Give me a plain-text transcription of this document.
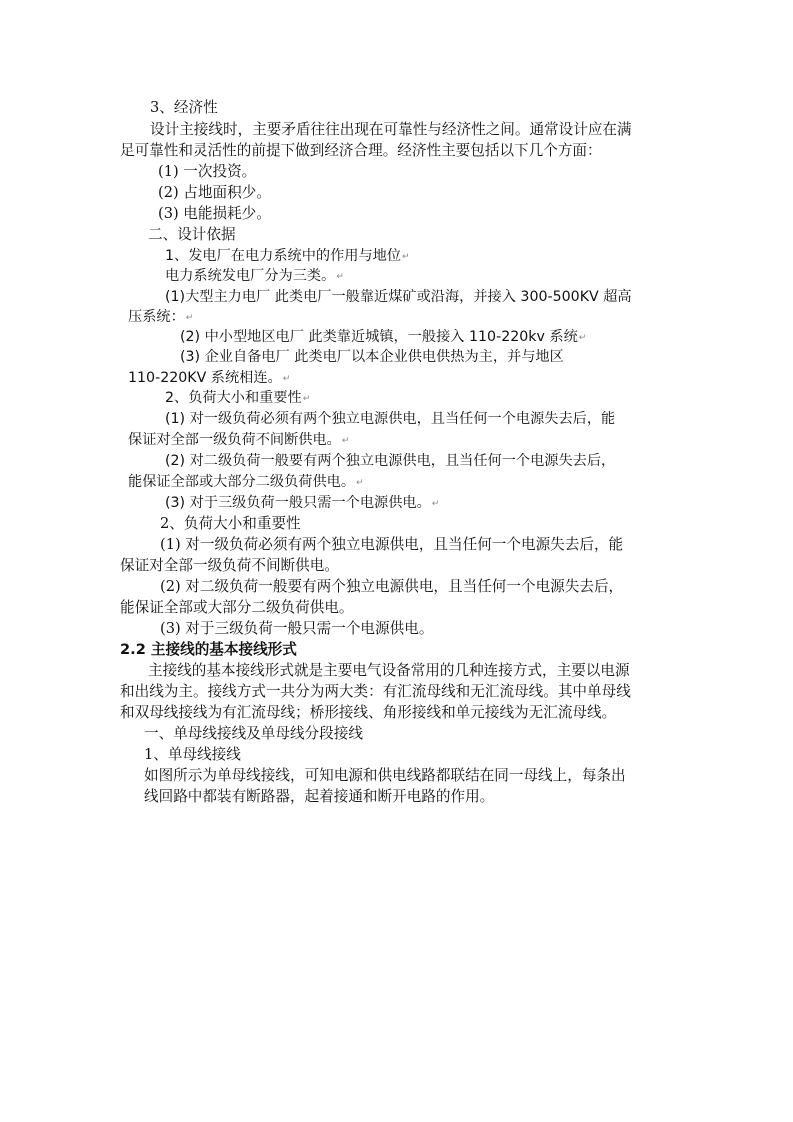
3、经济性
设计主接线时，主要矛盾往往出现在可靠性与经济性之间。通常设计应在满
足可靠性和灵活性的前提下做到经济合理。经济性主要包括以下几个方面：
(1) 一次投资。
(2) 占地面积少。
(3) 电能损耗少。
二、设计依据
1、发电厂在电力系统中的作用与地位↵
电力系统发电厂分为三类。↵
(1)大型主力电厂 此类电厂一般靠近煤矿或沿海，并接入 300-500KV 超高
压系统：↵
(2) 中小型地区电厂 此类靠近城镇，一般接入 110-220kv 系统↵
(3) 企业自备电厂 此类电厂以本企业供电供热为主，并与地区
110-220KV 系统相连。↵
2、负荷大小和重要性↵
(1) 对一级负荷必须有两个独立电源供电，且当任何一个电源失去后，能
保证对全部一级负荷不间断供电。↵
(2) 对二级负荷一般要有两个独立电源供电，且当任何一个电源失去后，
能保证全部或大部分二级负荷供电。↵
(3) 对于三级负荷一般只需一个电源供电。↵
2、负荷大小和重要性
(1) 对一级负荷必须有两个独立电源供电，且当任何一个电源失去后，能
保证对全部一级负荷不间断供电。
(2) 对二级负荷一般要有两个独立电源供电，且当任何一个电源失去后，
能保证全部或大部分二级负荷供电。
(3) 对于三级负荷一般只需一个电源供电。
2.2 主接线的基本接线形式
主接线的基本接线形式就是主要电气设备常用的几种连接方式，主要以电源
和出线为主。接线方式一共分为两大类：有汇流母线和无汇流母线。其中单母线
和双母线接线为有汇流母线；桥形接线、角形接线和单元接线为无汇流母线。
一、单母线接线及单母线分段接线
1、单母线接线
如图所示为单母线接线，可知电源和供电线路都联结在同一母线上，每条出
线回路中都装有断路器，起着接通和断开电路的作用。
